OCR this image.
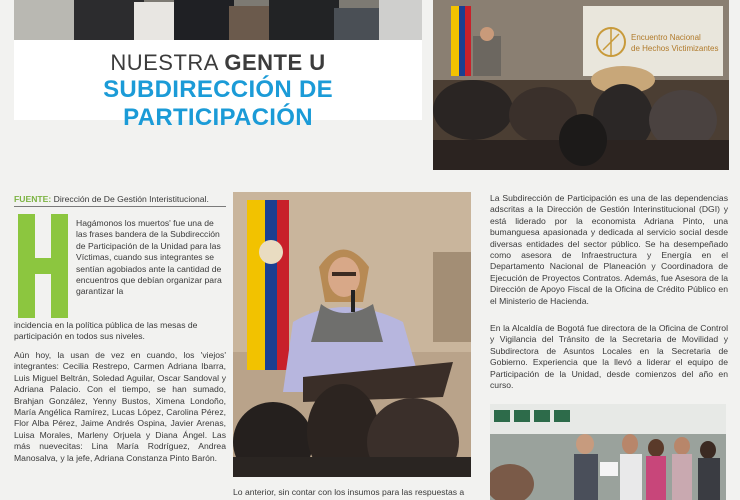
NUESTRA GENTE U
SUBDIRECCIÓN DE PARTICIPACIÓN
Encuentro Nacional
de Hechos Victimizantes
FUENTE: Dirección de De Gestión Interistitucional.
Hagámonos los muertos' fue una de las frases bandera de la Subdirección de Participación de la Unidad para las Víctimas, cuando sus integrantes se sentían agobiados ante la cantidad de encuentros que debían organizar para garantizar la
incidencia en la política pública de las mesas de participación en todos sus niveles.
Aún hoy, la usan de vez en cuando, los 'viejos' integrantes: Cecilia Restrepo, Carmen Adriana Ibarra, Luis Miguel Beltrán, Soledad Aguilar, Oscar Sandoval y Adriana Palacio. Con el tiempo, se han sumado, Brahjan González, Yenny Bustos, Ximena Londoño, María Angélica Ramírez, Lucas López, Carolina Pérez, Flor Alba Pérez, Jaime Andrés Ospina, Javier Arenas, Luisa Morales, Marleny Orjuela y Diana Ángel. Las más nuevecitas: Lina María Rodríguez, Andrea Manosalva, y la jefe, Adriana Constanza Pinto Barón.
Lo anterior, sin contar con los insumos para las respuestas a
La Subdirección de Participación es una de las dependencias adscritas a la Dirección de Gestión Interinstitucional (DGI) y está liderado por la economista Adriana Pinto, una bumanguesa apasionada y dedicada al servicio social desde diversas entidades del sector público. Se ha desempeñado como asesora de Infraestructura y Energía en el Departamento Nacional de Planeación y Coordinadora de Ejecución de Proyectos Contratos. Además, fue Asesora de la Dirección de Apoyo Fiscal de la Oficina de Crédito Público en el Ministerio de Hacienda.
En la Alcaldía de Bogotá fue directora de la Oficina de Control y Vigilancia del Tránsito de la Secretaria de Movilidad y Subdirectora de Asuntos Locales en la Secretaria de Gobierno. Experiencia que la llevó a liderar el equipo de Participación de la Unidad, desde comienzos del año en curso.
